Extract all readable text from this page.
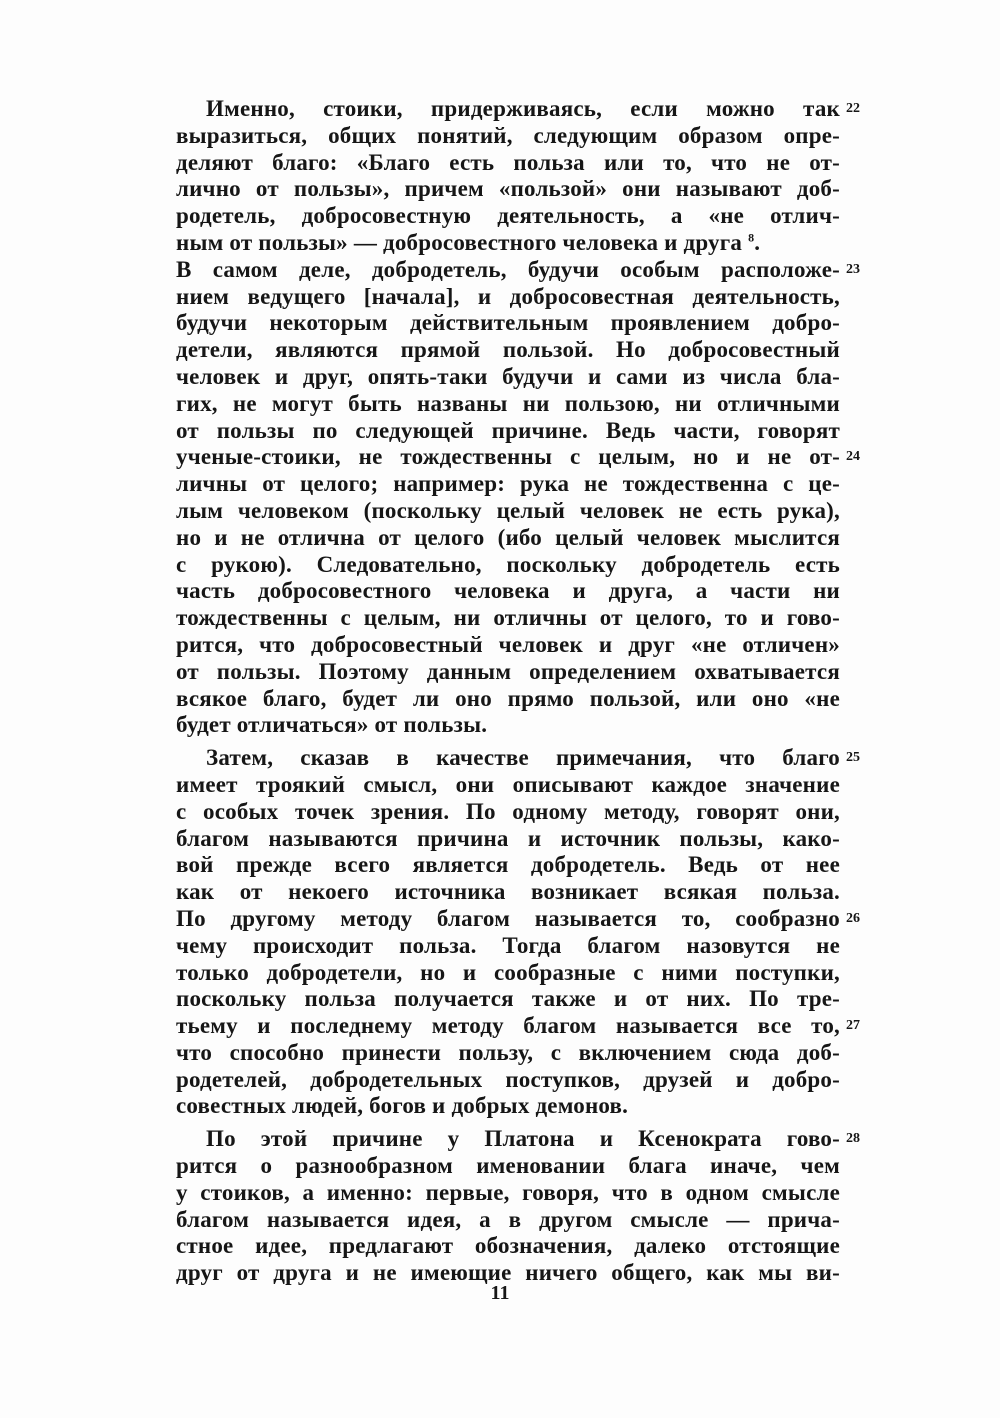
Именно, стоики, придерживаясь, если можно так 22
выразиться, общих понятий, следующим образом опре-
деляют благо: «Благо есть польза или то, что не от-
лично от пользы», причем «пользой» они называют доб-
родетель, добросовестную деятельность, а «не отлич-
ным от пользы» — добросовестного человека и друга $^8$.
В самом деле, добродетель, будучи особым расположе- 23
нием ведущего [начала], и добросовестная деятельность,
будучи некоторым действительным проявлением добро-
детели, являются прямой пользой. Но добросовестный
человек и друг, опять-таки будучи и сами из числа бла-
гих, не могут быть названы ни пользою, ни отличными
от пользы по следующей причине. Ведь части, говорят
ученые-стоики, не тождественны с целым, но и не от- 24
личны от целого; например: рука не тождественна с це-
лым человеком (поскольку целый человек не есть рука),
но и не отлична от целого (ибо целый человек мыслится
с рукою). Следовательно, поскольку добродетель есть
часть добросовестного человека и друга, а части ни
тождественны с целым, ни отличны от целого, то и гово-
рится, что добросовестный человек и друг «не отличен»
от пользы. Поэтому данным определением охватывается
всякое благо, будет ли оно прямо пользой, или оно «не
будет отличаться» от пользы.
Затем, сказав в качестве примечания, что благо 25
имеет троякий смысл, они описывают каждое значение
с особых точек зрения. По одному методу, говорят они,
благом называются причина и источник пользы, како-
вой прежде всего является добродетель. Ведь от нее
как от некоего источника возникает всякая польза.
По другому методу благом называется то, сообразно 26
чему происходит польза. Тогда благом назовутся не
только добродетели, но и сообразные с ними поступки,
поскольку польза получается также и от них. По тре-
тьему и последнему методу благом называется все то, 27
что способно принести пользу, с включением сюда доб-
родетелей, добродетельных поступков, друзей и добро-
совестных людей, богов и добрых демонов.
По этой причине у Платона и Ксенократа гово- 28
рится о разнообразном именовании блага иначе, чем
у стоиков, а именно: первые, говоря, что в одном смысле
благом называется идея, а в другом смысле — прича-
стное идее, предлагают обозначения, далеко отстоящие
друг от друга и не имеющие ничего общего, как мы ви-
11
